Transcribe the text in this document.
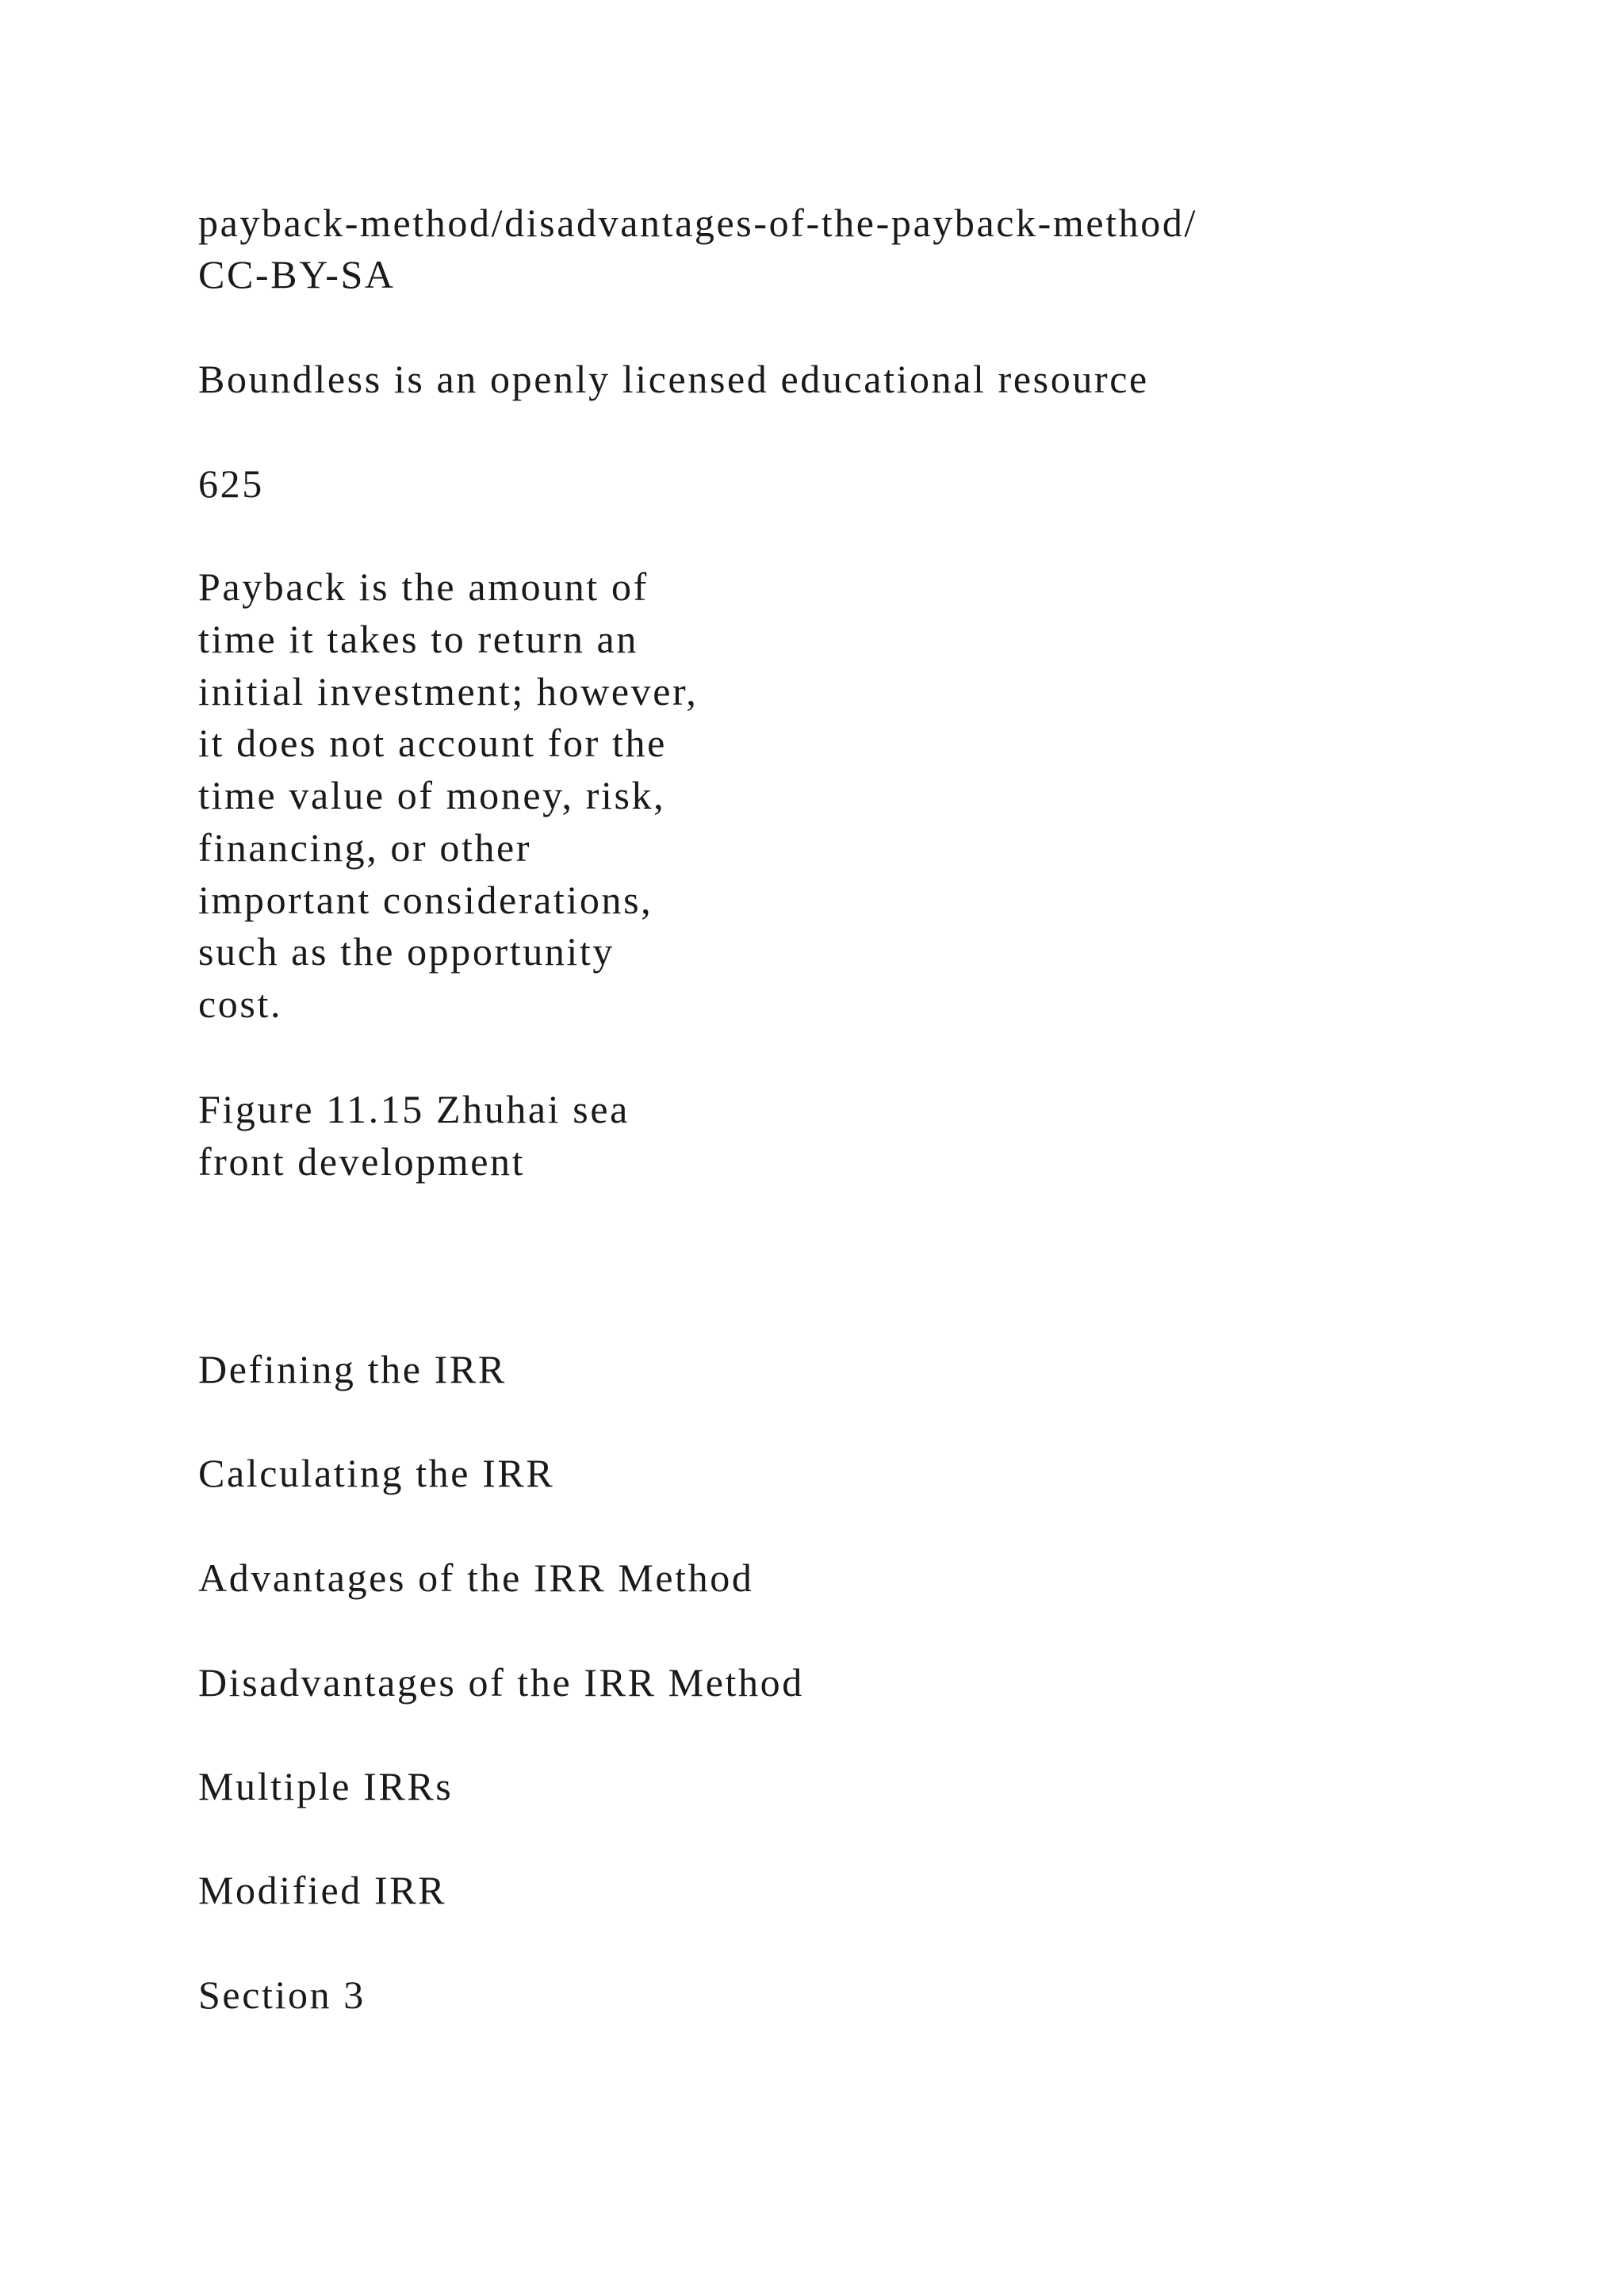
payback-method/disadvantages-of-the-payback-method/

CC-BY-SA

Boundless is an openly licensed educational resource

625

Payback is the amount of

time it takes to return an

initial investment; however,

it does not account for the

time value of money, risk,

financing, or other

important considerations,

such as the opportunity

cost.

Figure 11.15 Zhuhai sea

front development

Defining the IRR

Calculating the IRR

Advantages of the IRR Method

Disadvantages of the IRR Method

Multiple IRRs

Modified IRR

Section 3
